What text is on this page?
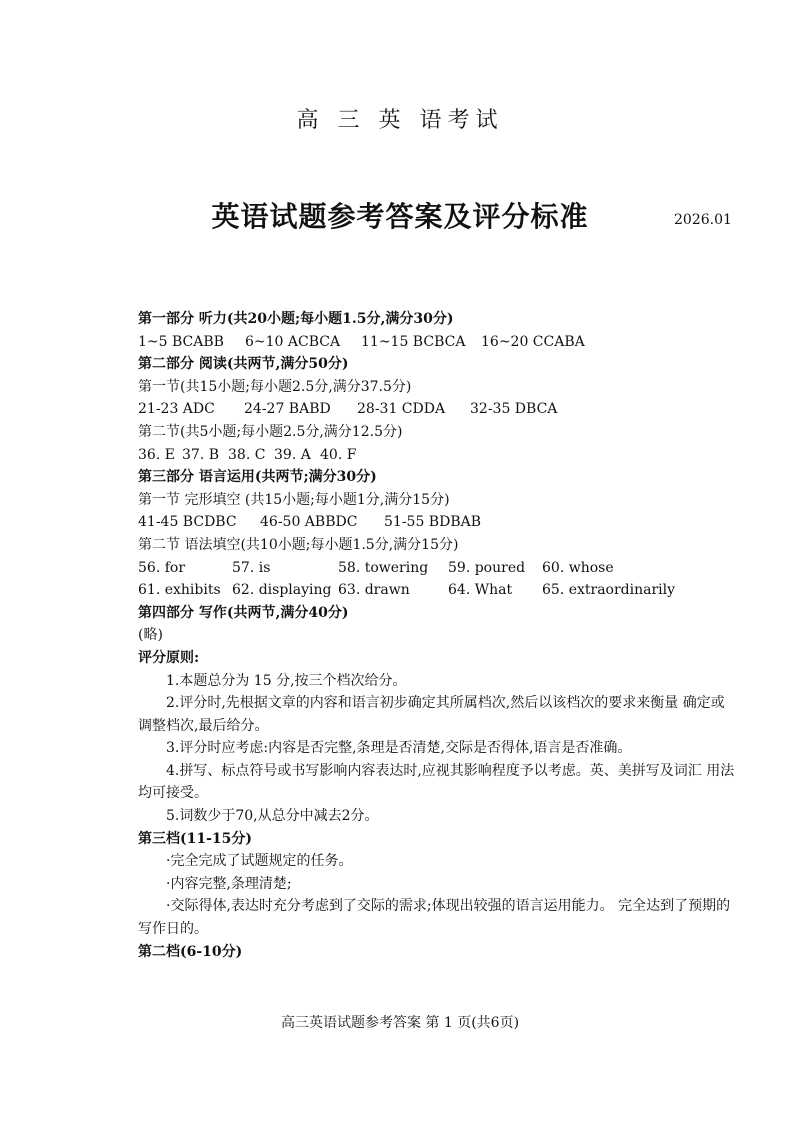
高 三 英 语考试
英语试题参考答案及评分标准	2026.01
第一部分 听力(共20小题;每小题1.5分,满分30分)
1~5 BCABB	6~10 ACBCA	11~15 BCBCA	16~20 CCABA
第二部分 阅读(共两节,满分50分)
第一节(共15小题;每小题2.5分,满分37.5分)
21-23 ADC	24-27 BABD	28-31 CDDA	32-35 DBCA
第二节(共5小题;每小题2.5分,满分12.5分)
36. E 37. B 38. C 39. A 40. F
第三部分 语言运用(共两节;满分30分)
第一节 完形填空 (共15小题;每小题1分,满分15分)
41-45 BCDBC	46-50 ABBDC	51-55 BDBAB
第二节 语法填空(共10小题;每小题1.5分,满分15分)
56. for	57. is	58. towering	59. poured	60. whose
61. exhibits 62. displaying 63. drawn	64. What	65. extraordinarily
第四部分 写作(共两节,满分40分)
(略)
评分原则:
1.本题总分为 15 分,按三个档次给分。
2.评分时,先根据文章的内容和语言初步确定其所属档次,然后以该档次的要求来衡量 确定或调整档次,最后给分。
3.评分时应考虑:内容是否完整,条理是否清楚,交际是否得体,语言是否准确。
4.拼写、标点符号或书写影响内容表达时,应视其影响程度予以考虑。英、美拼写及词汇 用法均可接受。
5.词数少于70,从总分中减去2分。
第三档(11-15分)
·完全完成了试题规定的任务。
·内容完整,条理清楚;
·交际得体,表达时充分考虑到了交际的需求;体现出较强的语言运用能力。 完全达到了预期的写作日的。
第二档(6-10分)
高三英语试题参考答案 第 1 页(共6页)
